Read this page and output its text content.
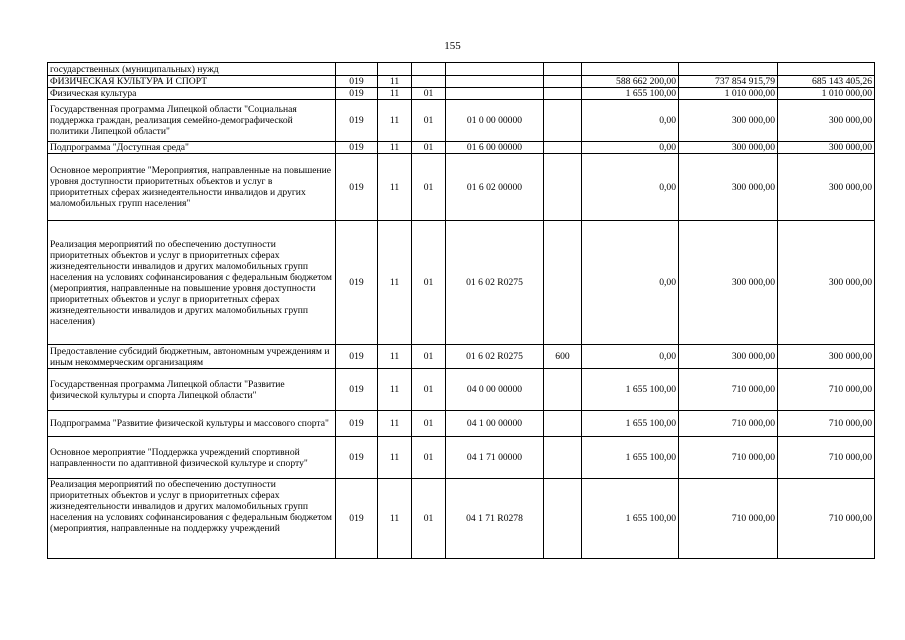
155
государственных (муниципальных) нужд								
ФИЗИЧЕСКАЯ КУЛЬТУРА И СПОРТ	019	11				588 662 200,00	737 854 915,79	685 143 405,26
Физическая культура	019	11	01			1 655 100,00	1 010 000,00	1 010 000,00
Государственная программа Липецкой области "Социальная поддержка граждан, реализация семейно-демографической политики Липецкой области"	019	11	01	01 0 00 00000		0,00	300 000,00	300 000,00
Подпрограмма "Доступная среда"	019	11	01	01 6 00 00000		0,00	300 000,00	300 000,00
Основное мероприятие "Мероприятия, направленные на повышение уровня доступности приоритетных объектов и услуг в приоритетных сферах жизнедеятельности инвалидов и других маломобильных групп населения"	019	11	01	01 6 02 00000		0,00	300 000,00	300 000,00
Реализация мероприятий по обеспечению доступности приоритетных объектов и услуг в приоритетных сферах жизнедеятельности инвалидов и других маломобильных групп населения на условиях софинансирования с федеральным бюджетом (мероприятия, направленные на повышение уровня доступности приоритетных объектов и услуг в приоритетных сферах жизнедеятельности инвалидов и других маломобильных групп населения)	019	11	01	01 6 02 R0275		0,00	300 000,00	300 000,00
Предоставление субсидий бюджетным, автономным учреждениям и иным некоммерческим организациям	019	11	01	01 6 02 R0275	600	0,00	300 000,00	300 000,00
Государственная программа Липецкой области "Развитие физической культуры и спорта Липецкой области"	019	11	01	04 0 00 00000		1 655 100,00	710 000,00	710 000,00
Подпрограмма "Развитие физической культуры и массового спорта"	019	11	01	04 1 00 00000		1 655 100,00	710 000,00	710 000,00
Основное мероприятие "Поддержка учреждений спортивной направленности по адаптивной физической культуре и спорту"	019	11	01	04 1 71 00000		1 655 100,00	710 000,00	710 000,00
Реализация мероприятий по обеспечению доступности приоритетных объектов и услуг в приоритетных сферах жизнедеятельности инвалидов и других маломобильных групп населения на условиях софинансирования с федеральным бюджетом (мероприятия, направленные на поддержку учреждений	019	11	01	04 1 71 R0278		1 655 100,00	710 000,00	710 000,00
